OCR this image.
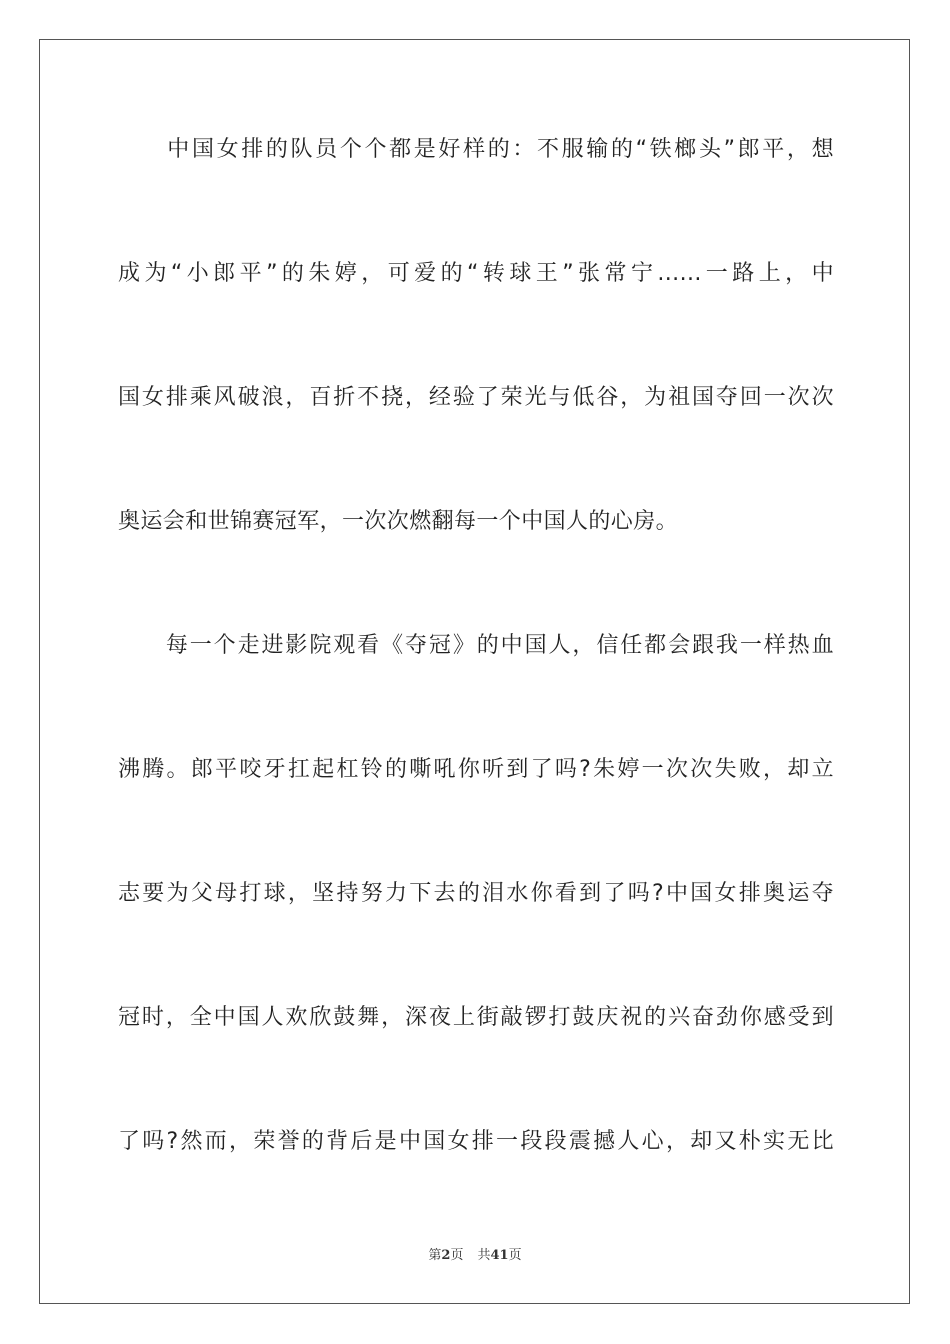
　　中国女排的队员个个都是好样的：不服输的“铁榔头”郎平，想
成为“小郎平”的朱婷，可爱的“转球王”张常宁......一路上，中
国女排乘风破浪，百折不挠，经验了荣光与低谷，为祖国夺回一次次
奥运会和世锦赛冠军，一次次燃翻每一个中国人的心房。
　　每一个走进影院观看《夺冠》的中国人，信任都会跟我一样热血
沸腾。郎平咬牙扛起杠铃的嘶吼你听到了吗?朱婷一次次失败，却立
志要为父母打球，坚持努力下去的泪水你看到了吗?中国女排奥运夺
冠时，全中国人欢欣鼓舞，深夜上街敲锣打鼓庆祝的兴奋劲你感受到
了吗?然而，荣誉的背后是中国女排一段段震撼人心，却又朴实无比
第2页 共41页
